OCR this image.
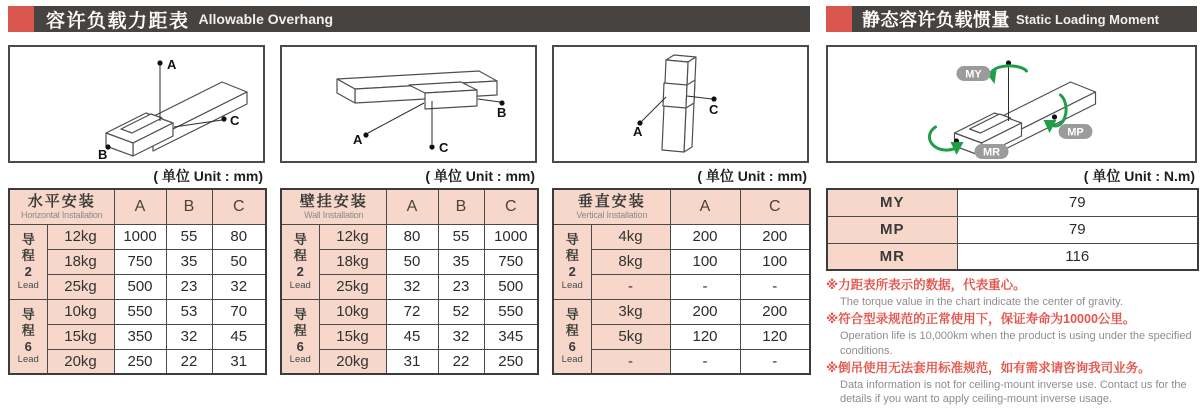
容许负载力距表 Allowable Overhang
A
C
B
( 单位 Unit : mm)
水平安装
Horizontal Installation		A	B	C

导程2
Lead	12kg	1000	55	80
	18kg	750	35	50
	25kg	500	23	32

导程6
Lead	10kg	550	53	70
	15kg	350	32	45
	20kg	250	22	31
B
A
C
( 单位 Unit : mm)
壁挂安装
Wall Installation		A	B	C

导程2
Lead	12kg	80	55	1000
	18kg	50	35	750
	25kg	32	23	500

导程6
Lead	10kg	72	52	550
	15kg	45	32	345
	20kg	31	22	250
A
C
( 单位 Unit : mm)
垂直安装
Vertical Installation		A	C

导程2
Lead	4kg	200	200
	8kg	100	100
	-	-	-

导程6
Lead	3kg	200	200
	5kg	120	120
	-	-	-
静态容许负载惯量 Static Loading Moment
MY
MP
MR
( 单位 Unit : N.m)
MY	79
MP	79
MR	116
※力距表所表示的数据，代表重心。
The torque value in the chart indicate the center of gravity.
※符合型录规范的正常使用下，保证寿命为10000公里。
Operation life is 10,000km when the product is using under the specified conditions.
※倒吊使用无法套用标准规范，如有需求请咨询我司业务。
Data information is not for ceiling-mount inverse use. Contact us for the details if you want to apply ceiling-mount inverse usage.
